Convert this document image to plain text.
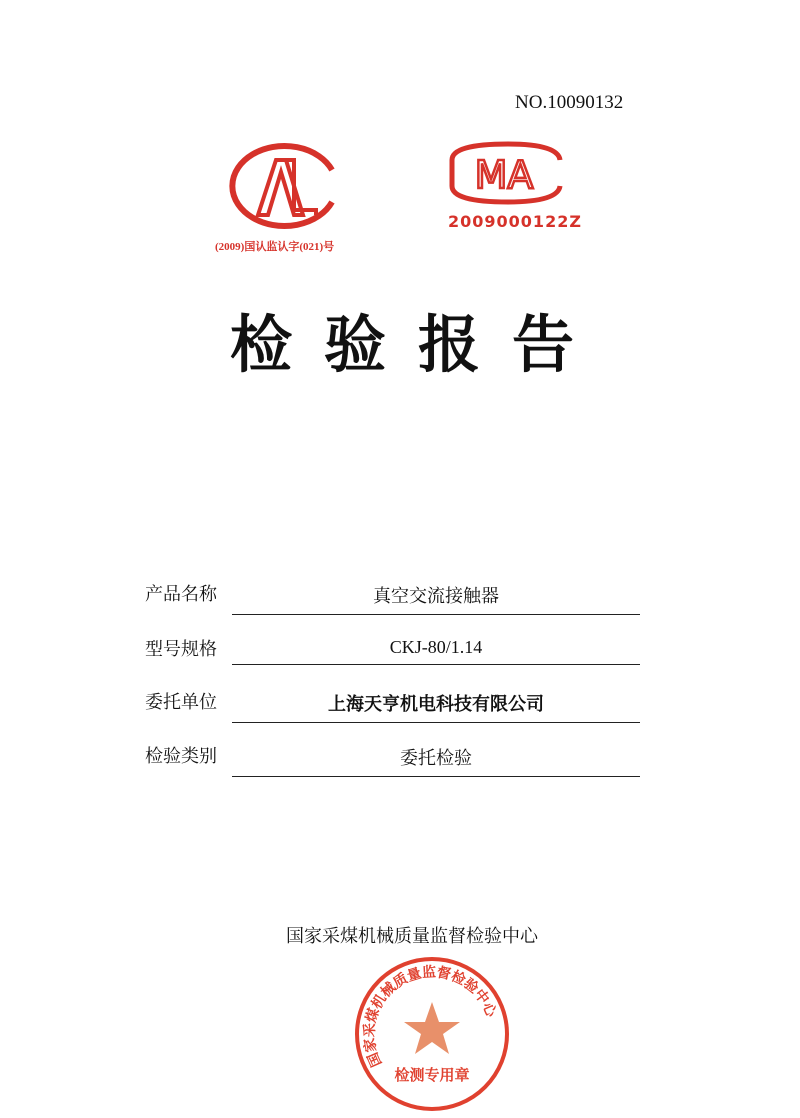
NO.10090132
(2009)国认监认字(021)号
MA
2009000122Z
检验报告
产品名称	真空交流接触器
型号规格	CKJ-80/1.14
委托单位	上海天亨机电科技有限公司
检验类别	委托检验
国家采煤机械质量监督检验中心
国家采煤机械质量监督检验中心
检测专用章
